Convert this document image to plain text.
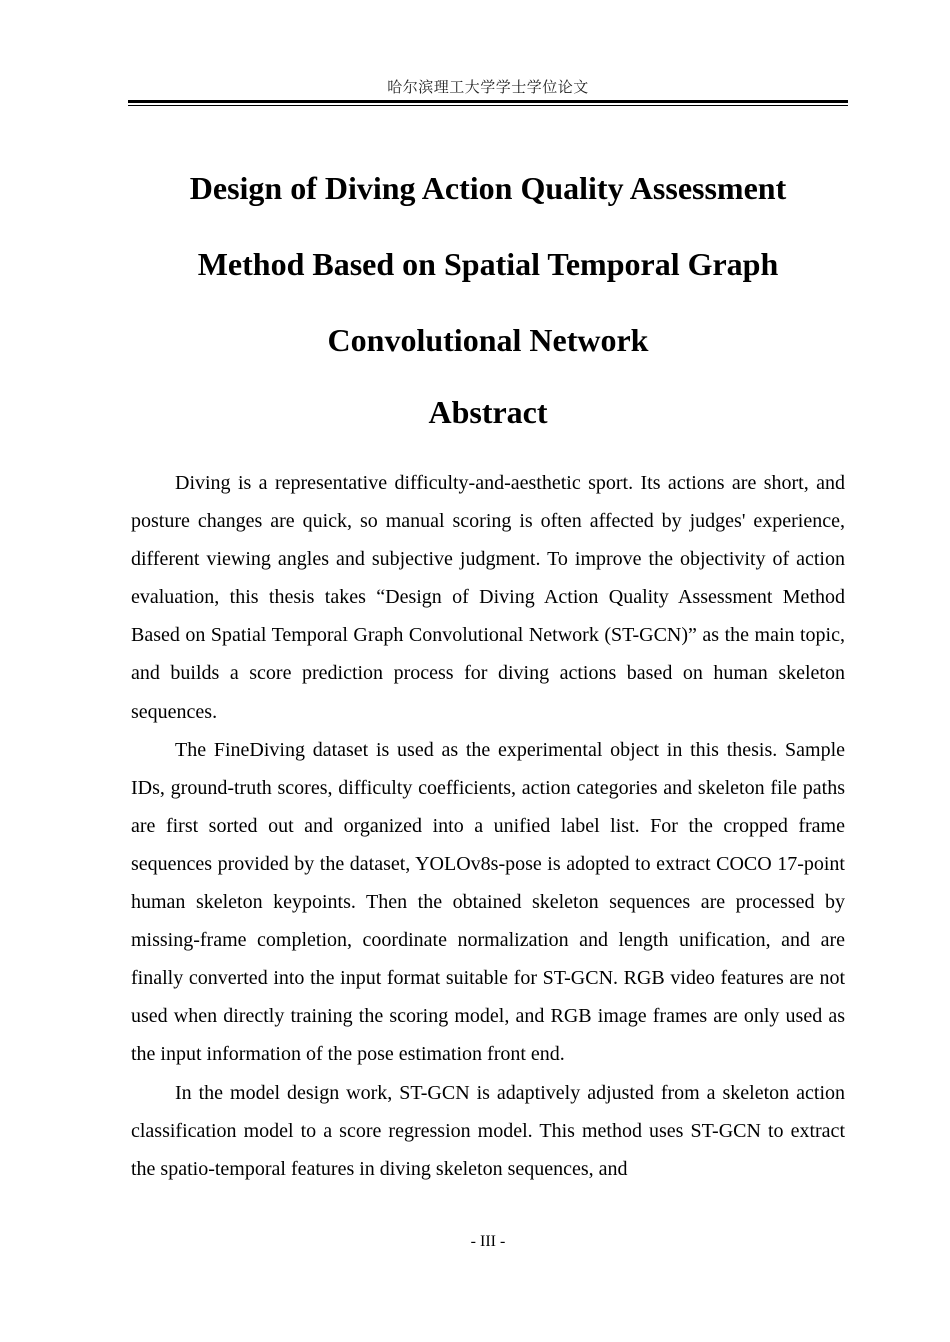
哈尔滨理工大学学士学位论文
Design of Diving Action Quality Assessment
Method Based on Spatial Temporal Graph
Convolutional Network
Abstract

Diving is a representative difficulty-and-aesthetic sport. Its actions are short, and posture changes are quick, so manual scoring is often affected by judges' experience, different viewing angles and subjective judgment. To improve the objectivity of action evaluation, this thesis takes “Design of Diving Action Quality Assessment Method Based on Spatial Temporal Graph Convolutional Network (ST-GCN)” as the main topic, and builds a score prediction process for diving actions based on human skeleton sequences.

The FineDiving dataset is used as the experimental object in this thesis. Sample IDs, ground-truth scores, difficulty coefficients, action categories and skeleton file paths are first sorted out and organized into a unified label list. For the cropped frame sequences provided by the dataset, YOLOv8s-pose is adopted to extract COCO 17-point human skeleton keypoints. Then the obtained skeleton sequences are processed by missing-frame completion, coordinate normalization and length unification, and are finally converted into the input format suitable for ST-GCN. RGB video features are not used when directly training the scoring model, and RGB image frames are only used as the input information of the pose estimation front end.

In the model design work, ST-GCN is adaptively adjusted from a skeleton action classification model to a score regression model. This method uses ST-GCN to extract the spatio-temporal features in diving skeleton sequences, and

- III -
